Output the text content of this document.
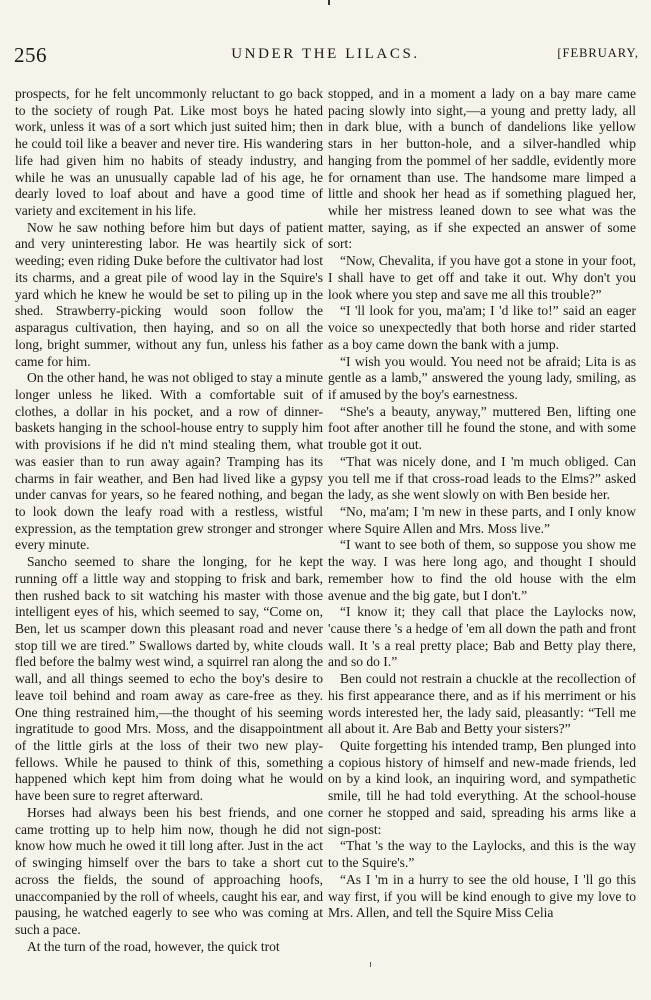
256	UNDER THE LILACS.	[FEBRUARY,

prospects, for he felt uncommonly reluctant to go back to the society of rough Pat. Like most boys he hated work, unless it was of a sort which just suited him; then he could toil like a beaver and never tire. His wandering life had given him no habits of steady industry, and while he was an unusually capable lad of his age, he dearly loved to loaf about and have a good time of variety and excitement in his life.

Now he saw nothing before him but days of patient and very uninteresting labor. He was heartily sick of weeding; even riding Duke before the cultivator had lost its charms, and a great pile of wood lay in the Squire's yard which he knew he would be set to piling up in the shed. Strawberry-picking would soon follow the asparagus cultivation, then haying, and so on all the long, bright summer, without any fun, unless his father came for him.

On the other hand, he was not obliged to stay a minute longer unless he liked. With a comfortable suit of clothes, a dollar in his pocket, and a row of dinner-baskets hanging in the school-house entry to supply him with provisions if he did n't mind stealing them, what was easier than to run away again? Tramping has its charms in fair weather, and Ben had lived like a gypsy under canvas for years, so he feared nothing, and began to look down the leafy road with a restless, wistful expression, as the temptation grew stronger and stronger every minute.

Sancho seemed to share the longing, for he kept running off a little way and stopping to frisk and bark, then rushed back to sit watching his master with those intelligent eyes of his, which seemed to say, “Come on, Ben, let us scamper down this pleasant road and never stop till we are tired.” Swallows darted by, white clouds fled before the balmy west wind, a squirrel ran along the wall, and all things seemed to echo the boy's desire to leave toil behind and roam away as care-free as they. One thing restrained him,—the thought of his seeming ingratitude to good Mrs. Moss, and the disappointment of the little girls at the loss of their two new play-fellows. While he paused to think of this, something happened which kept him from doing what he would have been sure to regret afterward.

Horses had always been his best friends, and one came trotting up to help him now, though he did not know how much he owed it till long after. Just in the act of swinging himself over the bars to take a short cut across the fields, the sound of approaching hoofs, unaccompanied by the roll of wheels, caught his ear, and pausing, he watched eagerly to see who was coming at such a pace.

At the turn of the road, however, the quick trot

stopped, and in a moment a lady on a bay mare came pacing slowly into sight,—a young and pretty lady, all in dark blue, with a bunch of dandelions like yellow stars in her button-hole, and a silver-handled whip hanging from the pommel of her saddle, evidently more for ornament than use. The handsome mare limped a little and shook her head as if something plagued her, while her mistress leaned down to see what was the matter, saying, as if she expected an answer of some sort:

“Now, Chevalita, if you have got a stone in your foot, I shall have to get off and take it out. Why don't you look where you step and save me all this trouble?”

“I 'll look for you, ma'am; I 'd like to!” said an eager voice so unexpectedly that both horse and rider started as a boy came down the bank with a jump.

“I wish you would. You need not be afraid; Lita is as gentle as a lamb,” answered the young lady, smiling, as if amused by the boy's earnestness.

“She's a beauty, anyway,” muttered Ben, lifting one foot after another till he found the stone, and with some trouble got it out.

“That was nicely done, and I 'm much obliged. Can you tell me if that cross-road leads to the Elms?” asked the lady, as she went slowly on with Ben beside her.

“No, ma'am; I 'm new in these parts, and I only know where Squire Allen and Mrs. Moss live.”

“I want to see both of them, so suppose you show me the way. I was here long ago, and thought I should remember how to find the old house with the elm avenue and the big gate, but I don't.”

“I know it; they call that place the Laylocks now, 'cause there 's a hedge of 'em all down the path and front wall. It 's a real pretty place; Bab and Betty play there, and so do I.”

Ben could not restrain a chuckle at the recollection of his first appearance there, and as if his merriment or his words interested her, the lady said, pleasantly: “Tell me all about it. Are Bab and Betty your sisters?”

Quite forgetting his intended tramp, Ben plunged into a copious history of himself and new-made friends, led on by a kind look, an inquiring word, and sympathetic smile, till he had told everything. At the school-house corner he stopped and said, spreading his arms like a sign-post:

“That 's the way to the Laylocks, and this is the way to the Squire's.”

“As I 'm in a hurry to see the old house, I 'll go this way first, if you will be kind enough to give my love to Mrs. Allen, and tell the Squire Miss Celia
